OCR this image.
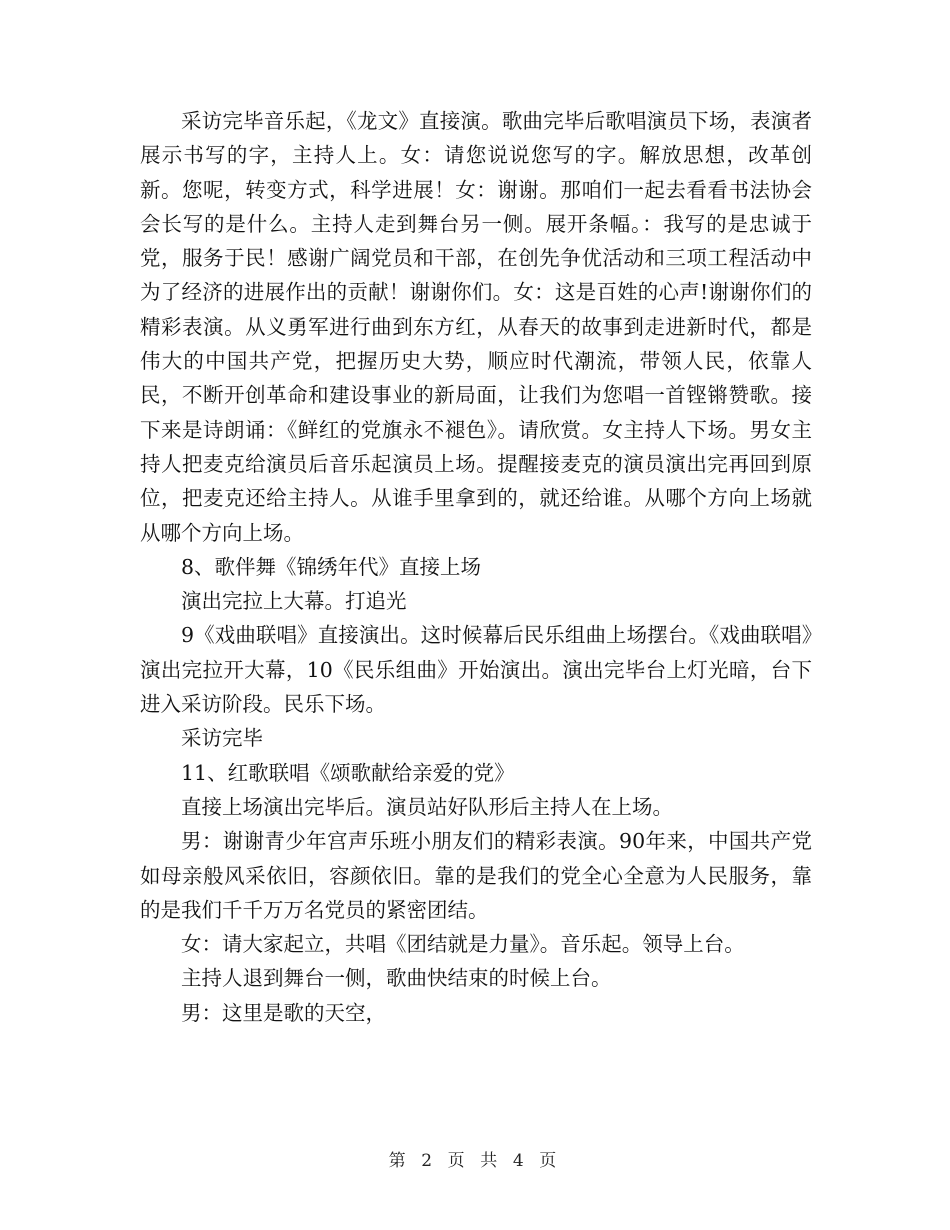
采访完毕音乐起，《龙文》直接演。歌曲完毕后歌唱演员下场，表演者展示书写的字，主持人上。女：请您说说您写的字。解放思想，改革创新。您呢，转变方式，科学进展！女：谢谢。那咱们一起去看看书法协会会长写的是什么。主持人走到舞台另一侧。展开条幅。：我写的是忠诚于党，服务于民！感谢广阔党员和干部，在创先争优活动和三项工程活动中为了经济的进展作出的贡献！谢谢你们。女：这是百姓的心声!谢谢你们的精彩表演。从义勇军进行曲到东方红，从春天的故事到走进新时代，都是伟大的中国共产党，把握历史大势，顺应时代潮流，带领人民，依靠人民，不断开创革命和建设事业的新局面，让我们为您唱一首铿锵赞歌。接下来是诗朗诵：《鲜红的党旗永不褪色》。请欣赏。女主持人下场。男女主持人把麦克给演员后音乐起演员上场。提醒接麦克的演员演出完再回到原位，把麦克还给主持人。从谁手里拿到的，就还给谁。从哪个方向上场就从哪个方向上场。

8、歌伴舞《锦绣年代》直接上场

演出完拉上大幕。打追光

9《戏曲联唱》直接演出。这时候幕后民乐组曲上场摆台。《戏曲联唱》演出完拉开大幕，10《民乐组曲》开始演出。演出完毕台上灯光暗，台下进入采访阶段。民乐下场。

采访完毕

11、红歌联唱《颂歌献给亲爱的党》

直接上场演出完毕后。演员站好队形后主持人在上场。

男：谢谢青少年宫声乐班小朋友们的精彩表演。90年来，中国共产党如母亲般风采依旧，容颜依旧。靠的是我们的党全心全意为人民服务，靠的是我们千千万万名党员的紧密团结。

女：请大家起立，共唱《团结就是力量》。音乐起。领导上台。

主持人退到舞台一侧，歌曲快结束的时候上台。

男：这里是歌的天空，

第 2 页 共 4 页
